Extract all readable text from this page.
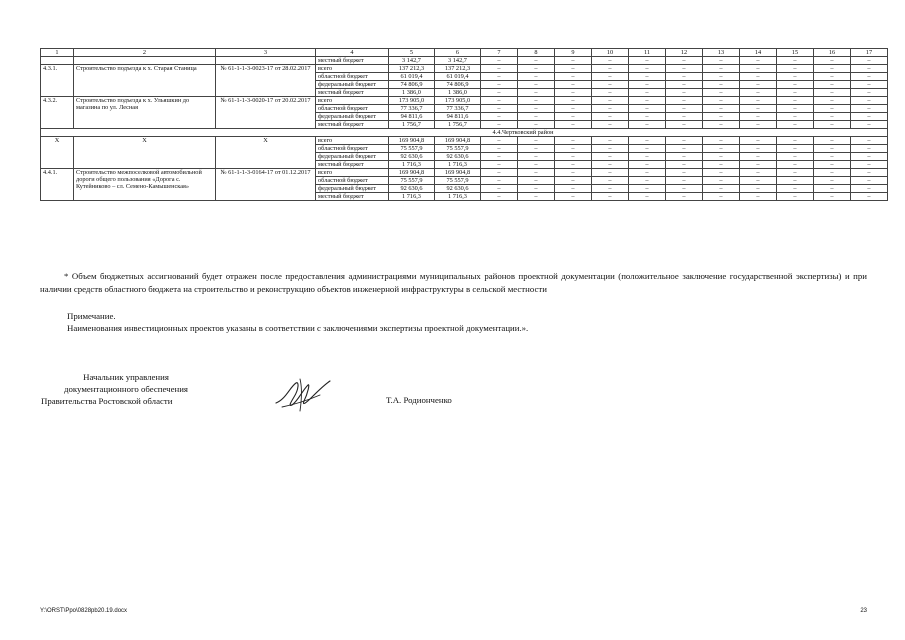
1	2	3	4	5	6	7	8	9	10	11	12	13	14	15	16	17
			местный бюджет	3 142,7	3 142,7	–	–	–	–	–	–	–	–	–	–	–
4.3.1.	Строительство подъезда к х. Старая Станица	№ 61-1-1-3-0023-17 от 28.02.2017	всего	137 212,3	137 212,3	–	–	–	–	–	–	–	–	–	–	–
			областной бюджет	61 019,4	61 019,4	–	–	–	–	–	–	–	–	–	–	–
			федеральный бюджет	74 806,9	74 806,9	–	–	–	–	–	–	–	–	–	–	–
			местный бюджет	1 386,0	1 386,0	–	–	–	–	–	–	–	–	–	–	–
4.3.2.	Строительство подъезда к х. Ульяшкин до магазина по ул. Лесная	№ 61-1-1-3-0020-17 от 20.02.2017	всего	173 905,0	173 905,0	–	–	–	–	–	–	–	–	–	–	–
			областной бюджет	77 336,7	77 336,7	–	–	–	–	–	–	–	–	–	–	–
			федеральный бюджет	94 811,6	94 811,6	–	–	–	–	–	–	–	–	–	–	–
			местный бюджет	1 756,7	1 756,7	–	–	–	–	–	–	–	–	–	–	–
4.4.Чертковский район																
Х	Х	Х	всего	169 904,8	169 904,8	–	–	–	–	–	–	–	–	–	–	–
			областной бюджет	75 557,9	75 557,9	–	–	–	–	–	–	–	–	–	–	–
			федеральный бюджет	92 630,6	92 630,6	–	–	–	–	–	–	–	–	–	–	–
			местный бюджет	1 716,3	1 716,3	–	–	–	–	–	–	–	–	–	–	–
4.4.1.	Строительство межпоселковой автомобильной дороги общего пользования «Дорога с. Кутейниково – сл. Семено-Камышенская»	№ 61-1-1-3-0164-17 от 01.12.2017	всего	169 904,8	169 904,8	–	–	–	–	–	–	–	–	–	–	–
			областной бюджет	75 557,9	75 557,9	–	–	–	–	–	–	–	–	–	–	–
			федеральный бюджет	92 630,6	92 630,6	–	–	–	–	–	–	–	–	–	–	–
			местный бюджет	1 716,3	1 716,3	–	–	–	–	–	–	–	–	–	–	–

* Объем бюджетных ассигнований будет отражен после предоставления администрациями муниципальных районов проектной документации (положительное заключение государственной экспертизы) и при наличии средств областного бюджета на строительство и реконструкцию объектов инженерной инфраструктуры в сельской местности

Примечание.

Наименования инвестиционных проектов указаны в соответствии с заключениями экспертизы проектной документации.».

Начальник управления
документационного обеспечения
Правительства Ростовской области	Т.А. Родионченко

Y:\ORST\Ppo\0828pb20.19.docx	23
